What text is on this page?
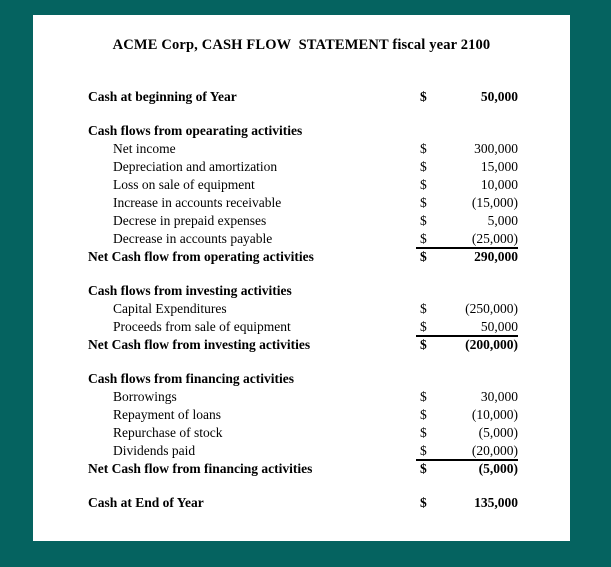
ACME Corp, CASH FLOW  STATEMENT fiscal year 2100
Cash at beginning of Year	$	50,000
Cash flows from opearating activities
Net income	$	300,000
Depreciation and amortization	$	15,000
Loss on sale of equipment	$	10,000
Increase in accounts receivable	$	(15,000)
Decrese in prepaid expenses	$	5,000
Decrease in accounts payable	$	(25,000)
Net Cash flow from operating activities	$	290,000
Cash flows from investing activities
Capital Expenditures	$	(250,000)
Proceeds from sale of equipment	$	50,000
Net Cash flow from investing activities	$	(200,000)
Cash flows from financing activities
Borrowings	$	30,000
Repayment of loans	$	(10,000)
Repurchase of stock	$	(5,000)
Dividends paid	$	(20,000)
Net Cash flow from financing activities	$	(5,000)
Cash at End of Year	$	135,000
